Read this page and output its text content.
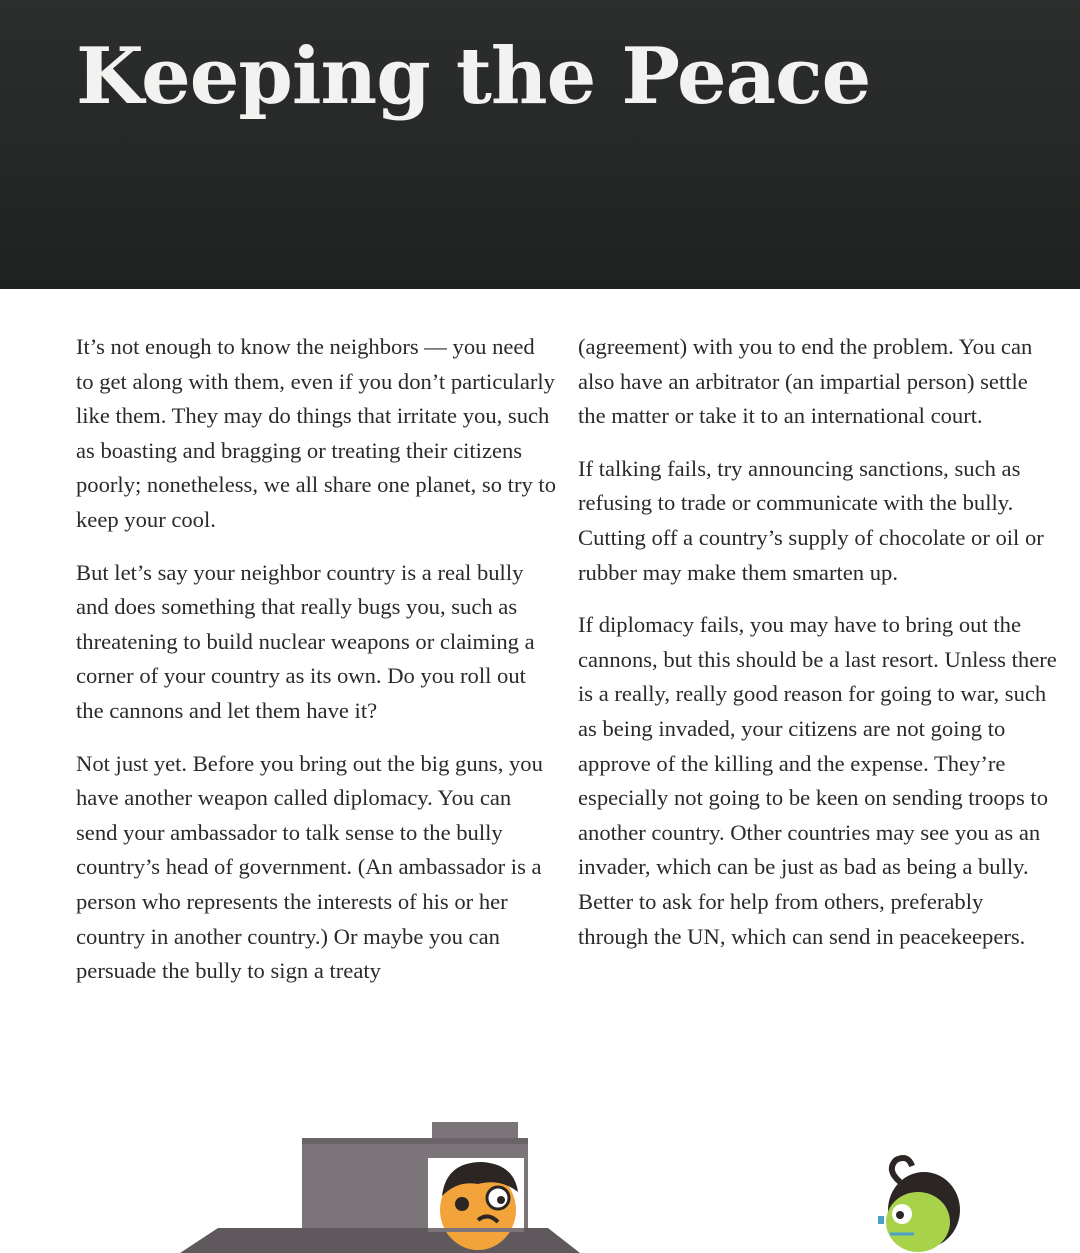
Keeping the Peace

It’s not enough to know the neighbors — you need to get along with them, even if you don’t particularly like them. They may do things that irritate you, such as boasting and bragging or treating their citizens poorly; nonetheless, we all share one planet, so try to keep your cool.

But let’s say your neighbor country is a real bully and does something that really bugs you, such as threatening to build nuclear weapons or claiming a corner of your country as its own. Do you roll out the cannons and let them have it?

Not just yet. Before you bring out the big guns, you have another weapon called diplomacy. You can send your ambassador to talk sense to the bully country’s head of government. (An ambassador is a person who represents the interests of his or her country in another country.) Or maybe you can persuade the bully to sign a treaty

(agreement) with you to end the problem. You can also have an arbitrator (an impartial person) settle the matter or take it to an international court.

If talking fails, try announcing sanctions, such as refusing to trade or communicate with the bully. Cutting off a country’s supply of chocolate or oil or rubber may make them smarten up.

If diplomacy fails, you may have to bring out the cannons, but this should be a last resort. Unless there is a really, really good reason for going to war, such as being invaded, your citizens are not going to approve of the killing and the expense. They’re especially not going to be keen on sending troops to another country. Other countries may see you as an invader, which can be just as bad as being a bully. Better to ask for help from others, preferably through the UN, which can send in peacekeepers.
